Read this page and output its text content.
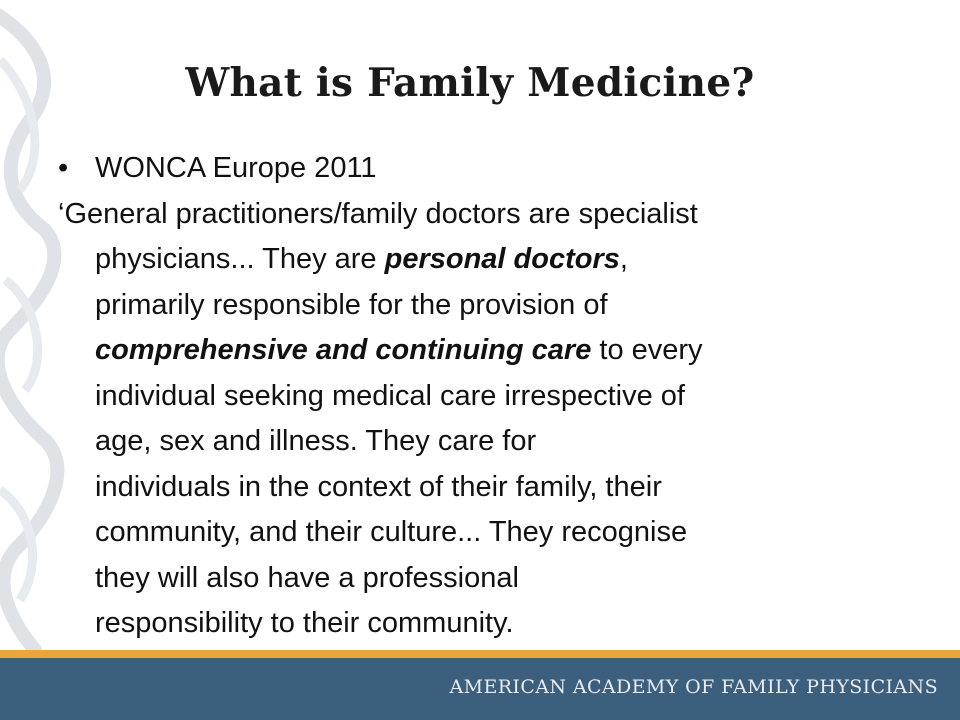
What is Family Medicine?

• WONCA Europe 2011

‘General practitioners/family doctors are specialist
physicians... They are personal doctors,
primarily responsible for the provision of
comprehensive and continuing care to every
individual seeking medical care irrespective of
age, sex and illness. They care for
individuals in the context of their family, their
community, and their culture... They recognise
they will also have a professional
responsibility to their community.

AMERICAN ACADEMY OF FAMILY PHYSICIANS
